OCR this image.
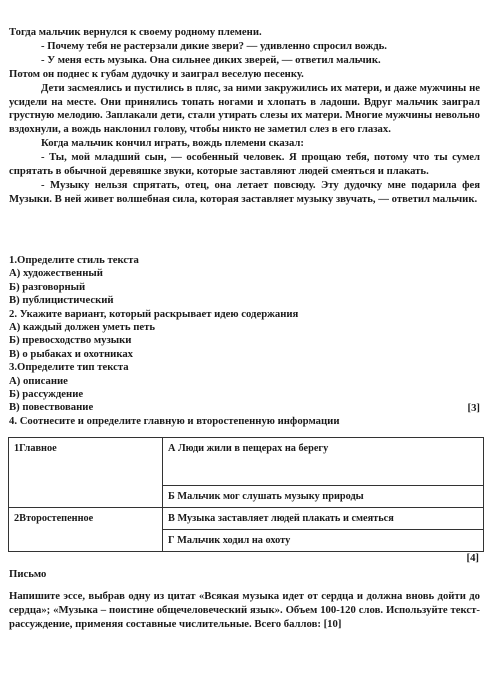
Тогда мальчик вернулся к своему родному племени.

- Почему тебя не растерзали дикие звери? — удивленно спросил вождь.

- У меня есть музыка. Она сильнее диких зверей, — ответил мальчик.

Потом он поднес к губам дудочку и заиграл веселую песенку.

Дети засмеялись и пустились в пляс, за ними закружились их матери, и даже мужчины не усидели на месте. Они принялись топать ногами и хлопать в ладоши. Вдруг мальчик заиграл грустную мелодию. Заплакали дети, стали утирать слезы их матери. Многие мужчины невольно вздохнули, а вождь наклонил голову, чтобы никто не заметил слез в его глазах.

Когда мальчик кончил играть, вождь племени сказал:

- Ты, мой младший сын, — особенный человек. Я прощаю тебя, потому что ты сумел спрятать в обычной деревяшке звуки, которые заставляют людей смеяться и плакать.

- Музыку нельзя спрятать, отец, она летает повсюду. Эту дудочку мне подарила фея Музыки. В ней живет волшебная сила, которая заставляет музыку звучать, — ответил мальчик.

1.Определите стиль текста
А) художественный
Б) разговорный
В) публицистический
2. Укажите вариант, который раскрывает идею содержания
А) каждый должен уметь петь
Б) превосходство музыки
В) о рыбаках и охотниках
3.Определите тип текста
А) описание
Б) рассуждение
В) повествование
4. Соотнесите и определите главную и второстепенную информации
[3]
1Главное	А Люди жили в пещерах на берегу
	Б Мальчик мог слушать музыку природы
2Второстепенное	В Музыка заставляет людей плакать и смеяться
	Г Мальчик ходил на охоту
[4]
Письмо

Напишите эссе, выбрав одну из цитат «Всякая музыка идет от сердца и должна вновь дойти до сердца»; «Музыка – поистине общечеловеческий язык». Объем 100-120 слов. Используйте текст-рассуждение, применяя составные числительные. Всего баллов: [10]
